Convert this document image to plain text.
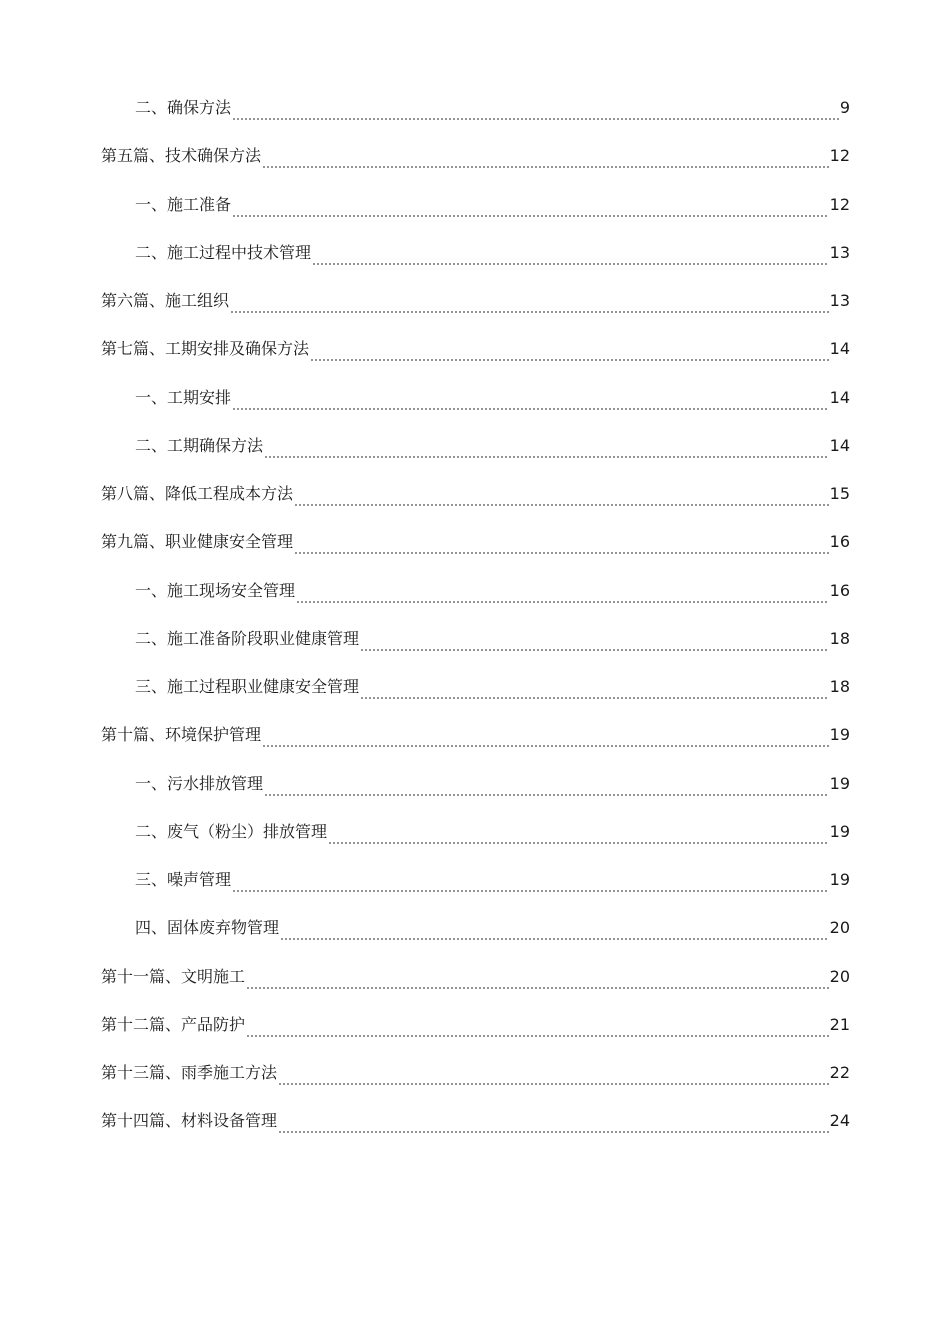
二、确保方法	9
第五篇、技术确保方法	12
一、施工准备	12
二、施工过程中技术管理	13
第六篇、施工组织	13
第七篇、工期安排及确保方法	14
一、工期安排	14
二、工期确保方法	14
第八篇、降低工程成本方法	15
第九篇、职业健康安全管理	16
一、施工现场安全管理	16
二、施工准备阶段职业健康管理	18
三、施工过程职业健康安全管理	18
第十篇、环境保护管理	19
一、污水排放管理	19
二、废气（粉尘）排放管理	19
三、噪声管理	19
四、固体废弃物管理	20
第十一篇、文明施工	20
第十二篇、产品防护	21
第十三篇、雨季施工方法	22
第十四篇、材料设备管理	24
